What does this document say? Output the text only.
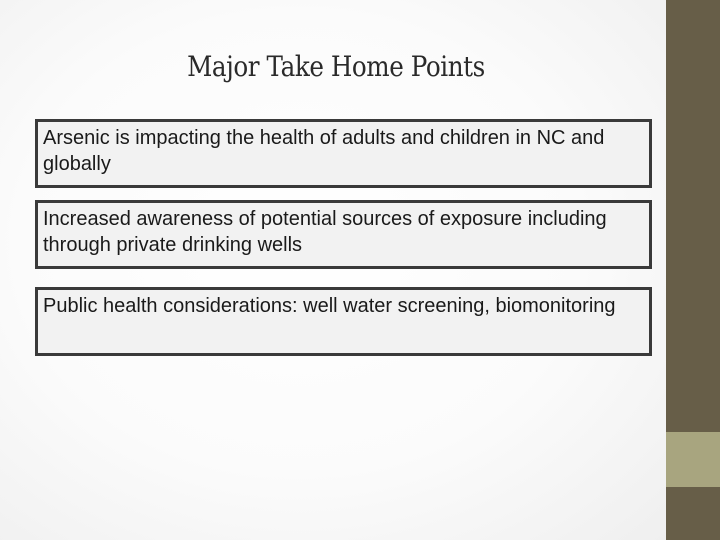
Major Take Home Points
Arsenic is impacting the health of adults and children in NC and globally
Increased awareness of potential sources of exposure including through private drinking wells
Public health considerations: well water screening, biomonitoring
